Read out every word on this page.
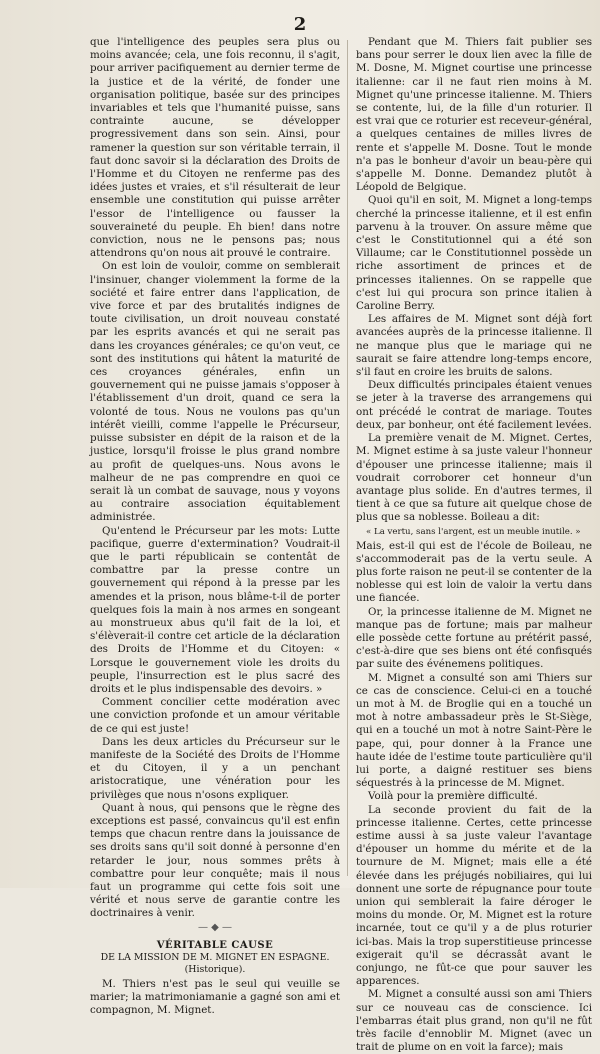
2

que l'intelligence des peuples sera plus ou moins avancée; cela, une fois reconnu, il s'agit, pour arriver pacifiquement au dernier terme de la justice et de la vérité, de fonder une organisation politique, basée sur des principes invariables et tels que l'humanité puisse, sans contrainte aucune, se développer progressivement dans son sein. Ainsi, pour ramener la question sur son véritable terrain, il faut donc savoir si la déclaration des Droits de l'Homme et du Citoyen ne renferme pas des idées justes et vraies, et s'il résulterait de leur ensemble une constitution qui puisse arrêter l'essor de l'intelligence ou fausser la souveraineté du peuple. Eh bien! dans notre conviction, nous ne le pensons pas; nous attendrons qu'on nous ait prouvé le contraire.

On est loin de vouloir, comme on semblerait l'insinuer, changer violemment la forme de la société et faire entrer dans l'application, de vive force et par des brutalités indignes de toute civilisation, un droit nouveau constaté par les esprits avancés et qui ne serait pas dans les croyances générales; ce qu'on veut, ce sont des institutions qui hâtent la maturité de ces croyances générales, enfin un gouvernement qui ne puisse jamais s'opposer à l'établissement d'un droit, quand ce sera la volonté de tous. Nous ne voulons pas qu'un intérêt vieilli, comme l'appelle le Précurseur, puisse subsister en dépit de la raison et de la justice, lorsqu'il froisse le plus grand nombre au profit de quelques-uns. Nous avons le malheur de ne pas comprendre en quoi ce serait là un combat de sauvage, nous y voyons au contraire association équitablement administrée.

Qu'entend le Précurseur par les mots: Lutte pacifique, guerre d'extermination? Voudrait-il que le parti républicain se contentât de combattre par la presse contre un gouvernement qui répond à la presse par les amendes et la prison, nous blâme-t-il de porter quelques fois la main à nos armes en songeant au monstrueux abus qu'il fait de la loi, et s'élèverait-il contre cet article de la déclaration des Droits de l'Homme et du Citoyen: « Lorsque le gouvernement viole les droits du peuple, l'insurrection est le plus sacré des droits et le plus indispensable des devoirs. »

Comment concilier cette modération avec une conviction profonde et un amour véritable de ce qui est juste!

Dans les deux articles du Précurseur sur le manifeste de la Société des Droits de l'Homme et du Citoyen, il y a un penchant aristocratique, une vénération pour les privilèges que nous n'osons expliquer.

Quant à nous, qui pensons que le règne des exceptions est passé, convaincus qu'il est enfin temps que chacun rentre dans la jouissance de ses droits sans qu'il soit donné à personne d'en retarder le jour, nous sommes prêts à combattre pour leur conquête; mais il nous faut un programme qui cette fois soit une vérité et nous serve de garantie contre les doctrinaires à venir.

— ◆ —
VÉRITABLE CAUSE
DE LA MISSION DE M. MIGNET EN ESPAGNE. (Historique).

M. Thiers n'est pas le seul qui veuille se marier; la matrimoniamanie a gagné son ami et compagnon, M. Mignet.

Pendant que M. Thiers fait publier ses bans pour serrer le doux lien avec la fille de M. Dosne, M. Mignet courtise une princesse italienne: car il ne faut rien moins à M. Mignet qu'une princesse italienne. M. Thiers se contente, lui, de la fille d'un roturier. Il est vrai que ce roturier est receveur-général, a quelques centaines de milles livres de rente et s'appelle M. Dosne. Tout le monde n'a pas le bonheur d'avoir un beau-père qui s'appelle M. Donne. Demandez plutôt à Léopold de Belgique.

Quoi qu'il en soit, M. Mignet a long-temps cherché la princesse italienne, et il est enfin parvenu à la trouver. On assure même que c'est le Constitutionnel qui a été son Villaume; car le Constitutionnel possède un riche assortiment de princes et de princesses italiennes. On se rappelle que c'est lui qui procura son prince italien à Caroline Berry.

Les affaires de M. Mignet sont déjà fort avancées auprès de la princesse italienne. Il ne manque plus que le mariage qui ne saurait se faire attendre long-temps encore, s'il faut en croire les bruits de salons.

Deux difficultés principales étaient venues se jeter à la traverse des arrangemens qui ont précédé le contrat de mariage. Toutes deux, par bonheur, ont été facilement levées.

La première venait de M. Mignet. Certes, M. Mignet estime à sa juste valeur l'honneur d'épouser une princesse italienne; mais il voudrait corroborer cet honneur d'un avantage plus solide. En d'autres termes, il tient à ce que sa future ait quelque chose de plus que sa noblesse. Boileau a dit:

« La vertu, sans l'argent, est un meuble inutile. »

Mais, est-il qui est de l'école de Boileau, ne s'accommoderait pas de la vertu seule. A plus forte raison ne peut-il se contenter de la noblesse qui est loin de valoir la vertu dans une fiancée.

Or, la princesse italienne de M. Mignet ne manque pas de fortune; mais par malheur elle possède cette fortune au prétérit passé, c'est-à-dire que ses biens ont été confisqués par suite des événemens politiques.

M. Mignet a consulté son ami Thiers sur ce cas de conscience. Celui-ci en a touché un mot à M. de Broglie qui en a touché un mot à notre ambassadeur près le St-Siège, qui en a touché un mot à notre Saint-Père le pape, qui, pour donner à la France une haute idée de l'estime toute particulière qu'il lui porte, a daigné restituer ses biens séquestrés à la princesse de M. Mignet.

Voilà pour la première difficulté.

La seconde provient du fait de la princesse italienne. Certes, cette princesse estime aussi à sa juste valeur l'avantage d'épouser un homme du mérite et de la tournure de M. Mignet; mais elle a été élevée dans les préjugés nobiliaires, qui lui donnent une sorte de répugnance pour toute union qui semblerait la faire déroger le moins du monde. Or, M. Mignet est la roture incarnée, tout ce qu'il y a de plus roturier ici-bas. Mais la trop superstitieuse princesse exigerait qu'il se décrassât avant le conjungo, ne fût-ce que pour sauver les apparences.

M. Mignet a consulté aussi son ami Thiers sur ce nouveau cas de conscience. Ici l'embarras était plus grand, non qu'il ne fût très facile d'ennoblir M. Mignet (avec un trait de plume on en voit la farce); mais
